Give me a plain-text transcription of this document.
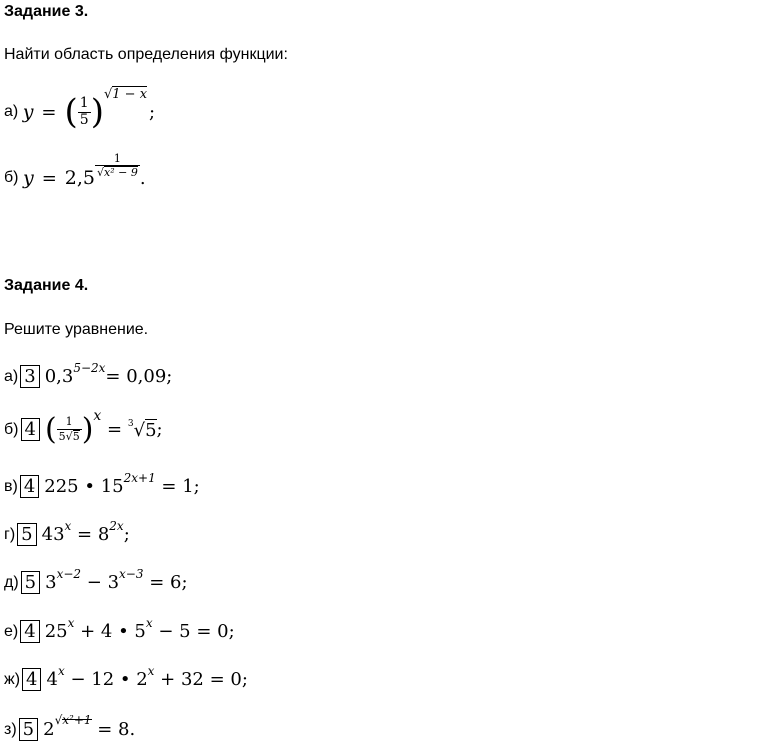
Задание 3.
Найти область определения функции:
а)
y = ( $\frac{1}{5}$ ) √1 − x
;
б)
$y = 2,5 \frac{1}{\text{√x² − 9}}$ .
Задание 4.
Решите уравнение.
а) 3 $0,3^{5-2x} = 0,09$;
б) 4 ( $\frac{1}{5√5} )^x$
= $^3$√5 ;
в) 4 225 • $15^{2x+1} = 1$;
г) 5 $43^x = 8^{2x}$ ;
д) 5 $3^{x-2} - 3^{x-3} = 6$;
е) 4 $25^x + 4$ • $5^x - 5 = 0$;
ж) 4 $4^x - 12$ • $2^x + 32 = 0$;
з) 5 $2^{√x^2+1} = 8$.
